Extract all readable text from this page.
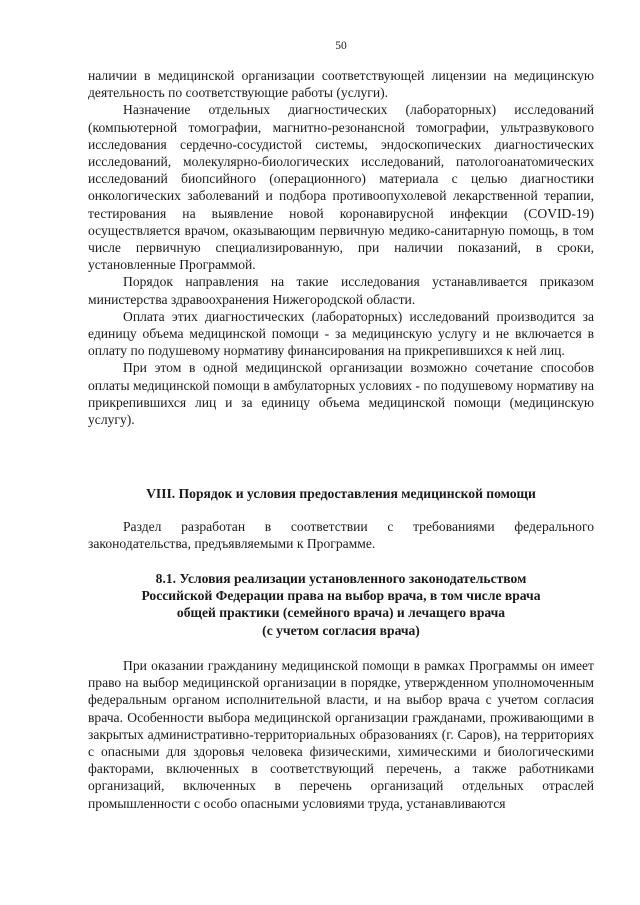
50

наличии в медицинской организации соответствующей лицензии на медицинскую деятельность по соответствующие работы (услуги).

Назначение отдельных диагностических (лабораторных) исследований (компьютерной томографии, магнитно-резонансной томографии, ультразвукового исследования сердечно-сосудистой системы, эндоскопических диагностических исследований, молекулярно-биологических исследований, патологоанатомических исследований биопсийного (операционного) материала с целью диагностики онкологических заболеваний и подбора противоопухолевой лекарственной терапии, тестирования на выявление новой коронавирусной инфекции (COVID-19) осуществляется врачом, оказывающим первичную медико-санитарную помощь, в том числе первичную специализированную, при наличии показаний, в сроки, установленные Программой.

Порядок направления на такие исследования устанавливается приказом министерства здравоохранения Нижегородской области.

Оплата этих диагностических (лабораторных) исследований производится за единицу объема медицинской помощи - за медицинскую услугу и не включается в оплату по подушевому нормативу финансирования на прикрепившихся к ней лиц.

При этом в одной медицинской организации возможно сочетание способов оплаты медицинской помощи в амбулаторных условиях - по подушевому нормативу на прикрепившихся лиц и за единицу объема медицинской помощи (медицинскую услугу).

VIII. Порядок и условия предоставления медицинской помощи

Раздел разработан в соответствии с требованиями федерального законодательства, предъявляемыми к Программе.

8.1. Условия реализации установленного законодательством
Российской Федерации права на выбор врача, в том числе врача
общей практики (семейного врача) и лечащего врача
(с учетом согласия врача)

При оказании гражданину медицинской помощи в рамках Программы он имеет право на выбор медицинской организации в порядке, утвержденном уполномоченным федеральным органом исполнительной власти, и на выбор врача с учетом согласия врача. Особенности выбора медицинской организации гражданами, проживающими в закрытых административно-территориальных образованиях (г. Саров), на территориях с опасными для здоровья человека физическими, химическими и биологическими факторами, включенных в соответствующий перечень, а также работниками организаций, включенных в перечень организаций отдельных отраслей промышленности с особо опасными условиями труда, устанавливаются
